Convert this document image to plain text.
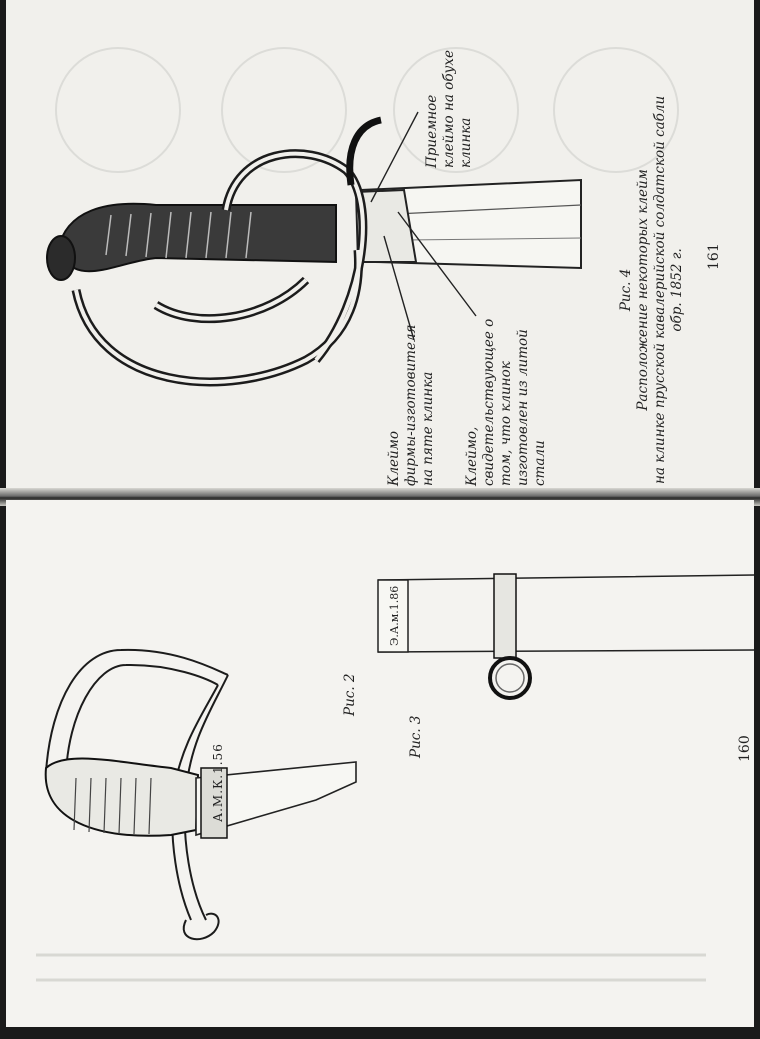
Приемное клеймо на обухе клинка
Клеймо фирмы-изготовителя на пяте клинка Клеймо, свидетельствующее о том, что клинок изготовлен из литой стали
Рис. 4 Расположение некоторых клейм на клинке прусской кавалерийской солдатской сабли обр. 1852 г. 161
А.М.К.1.56
Э.А.м.1.86
Рис. 2
Рис. 3	160
